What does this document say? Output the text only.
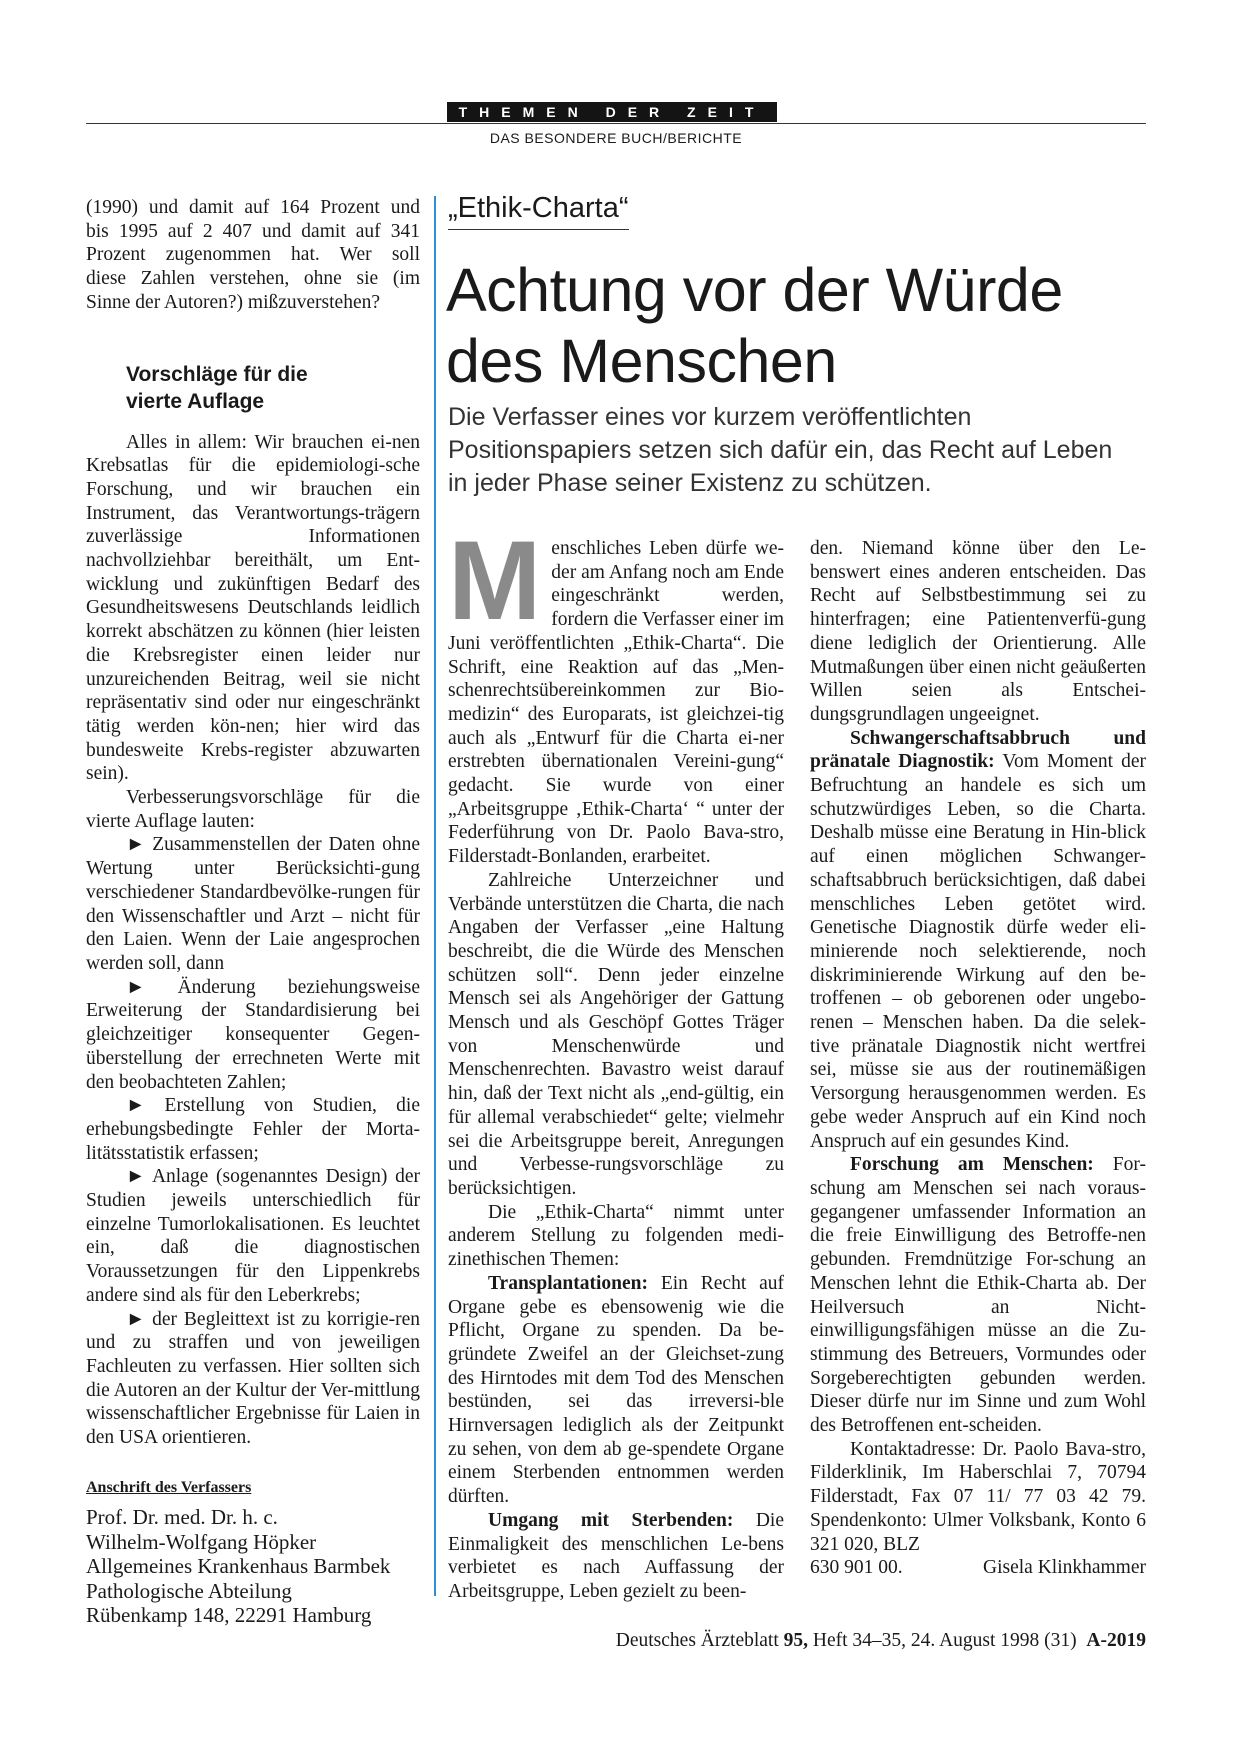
THEMEN DER ZEIT
DAS BESONDERE BUCH/BERICHTE
(1990) und damit auf 164 Prozent und
bis 1995 auf 2 407 und damit auf 341
Prozent zugenommen hat. Wer soll
diese Zahlen verstehen, ohne sie (im
Sinne der Autoren?) mißzuverstehen?

Vorschläge für die
vierte Auflage

Alles in allem: Wir brauchen ei-nen Krebsatlas für die epidemiologi-sche Forschung, und wir brauchen ein Instrument, das Verantwortungs-trägern zuverlässige Informationen nachvollziehbar bereithält, um Ent-wicklung und zukünftigen Bedarf des Gesundheitswesens Deutschlands leidlich korrekt abschätzen zu können (hier leisten die Krebsregister einen leider nur unzureichenden Beitrag, weil sie nicht repräsentativ sind oder nur eingeschränkt tätig werden kön-nen; hier wird das bundesweite Krebs-register abzuwarten sein).

Verbesserungsvorschläge für die vierte Auflage lauten:

► Zusammenstellen der Daten ohne Wertung unter Berücksichti-gung verschiedener Standardbevölke-rungen für den Wissenschaftler und Arzt – nicht für den Laien. Wenn der Laie angesprochen werden soll, dann

► Änderung beziehungsweise Erweiterung der Standardisierung bei gleichzeitiger konsequenter Gegen-überstellung der errechneten Werte mit den beobachteten Zahlen;

► Erstellung von Studien, die erhebungsbedingte Fehler der Morta-litätsstatistik erfassen;

► Anlage (sogenanntes Design) der Studien jeweils unterschiedlich für einzelne Tumorlokalisationen. Es leuchtet ein, daß die diagnostischen Voraussetzungen für den Lippenkrebs andere sind als für den Leberkrebs;

► der Begleittext ist zu korrigie-ren und zu straffen und von jeweiligen Fachleuten zu verfassen. Hier sollten sich die Autoren an der Kultur der Ver-mittlung wissenschaftlicher Ergebnisse für Laien in den USA orientieren.

Anschrift des Verfassers

Prof. Dr. med. Dr. h. c.

Wilhelm-Wolfgang Höpker

Allgemeines Krankenhaus Barmbek

Pathologische Abteilung

Rübenkamp 148, 22291 Hamburg

„Ethik-Charta“
Achtung vor der Würde
des Menschen
Die Verfasser eines vor kurzem veröffentlichten
Positionspapiers setzen sich dafür ein, das Recht auf Leben
in jeder Phase seiner Existenz zu schützen.
M enschliches Leben dürfe we-der am Anfang noch am Ende eingeschränkt werden, fordern die Verfasser einer im Juni veröffentlichten „Ethik-Charta“. Die Schrift, eine Reaktion auf das „Men-schenrechtsübereinkommen zur Bio-medizin“ des Europarats, ist gleichzei-tig auch als „Entwurf für die Charta ei-ner erstrebten übernationalen Vereini-gung“ gedacht. Sie wurde von einer „Arbeitsgruppe ‚Ethik-Charta‘ “ unter der Federführung von Dr. Paolo Bava-stro, Filderstadt-Bonlanden, erarbeitet.

Zahlreiche Unterzeichner und Verbände unterstützen die Charta, die nach Angaben der Verfasser „eine Haltung beschreibt, die die Würde des Menschen schützen soll“. Denn jeder einzelne Mensch sei als Angehöriger der Gattung Mensch und als Geschöpf Gottes Träger von Menschenwürde und Menschenrechten. Bavastro weist darauf hin, daß der Text nicht als „end-gültig, ein für allemal verabschiedet“ gelte; vielmehr sei die Arbeitsgruppe bereit, Anregungen und Verbesse-rungsvorschläge zu berücksichtigen.

Die „Ethik-Charta“ nimmt unter anderem Stellung zu folgenden medi-zinethischen Themen:

Transplantationen: Ein Recht auf Organe gebe es ebensowenig wie die Pflicht, Organe zu spenden. Da be-gründete Zweifel an der Gleichset-zung des Hirntodes mit dem Tod des Menschen bestünden, sei das irreversi-ble Hirnversagen lediglich als der Zeitpunkt zu sehen, von dem ab ge-spendete Organe einem Sterbenden entnommen werden dürften.

Umgang mit Sterbenden: Die Einmaligkeit des menschlichen Le-bens verbietet es nach Auffassung der Arbeitsgruppe, Leben gezielt zu been-

den. Niemand könne über den Le-benswert eines anderen entscheiden. Das Recht auf Selbstbestimmung sei zu hinterfragen; eine Patientenverfü-gung diene lediglich der Orientierung. Alle Mutmaßungen über einen nicht geäußerten Willen seien als Entschei-dungsgrundlagen ungeeignet.

Schwangerschaftsabbruch und pränatale Diagnostik: Vom Moment der Befruchtung an handele es sich um schutzwürdiges Leben, so die Charta. Deshalb müsse eine Beratung in Hin-blick auf einen möglichen Schwanger-schaftsabbruch berücksichtigen, daß dabei menschliches Leben getötet wird. Genetische Diagnostik dürfe weder eli-minierende noch selektierende, noch diskriminierende Wirkung auf den be-troffenen – ob geborenen oder ungebo-renen – Menschen haben. Da die selek-tive pränatale Diagnostik nicht wertfrei sei, müsse sie aus der routinemäßigen Versorgung herausgenommen werden. Es gebe weder Anspruch auf ein Kind noch Anspruch auf ein gesundes Kind.

Forschung am Menschen: For-schung am Menschen sei nach voraus-gegangener umfassender Information an die freie Einwilligung des Betroffe-nen gebunden. Fremdnützige For-schung an Menschen lehnt die Ethik-Charta ab. Der Heilversuch an Nicht-einwilligungsfähigen müsse an die Zu-stimmung des Betreuers, Vormundes oder Sorgeberechtigten gebunden werden. Dieser dürfe nur im Sinne und zum Wohl des Betroffenen ent-scheiden.

Kontaktadresse: Dr. Paolo Bava-stro, Filderklinik, Im Haberschlai 7, 70794 Filderstadt, Fax 07 11/ 77 03 42 79. Spendenkonto: Ulmer Volksbank, Konto 6 321 020, BLZ

630 901 00.	Gisela Klinkhammer
Deutsches Ärzteblatt 95, Heft 34–35, 24. August 1998 (31) A-2019
